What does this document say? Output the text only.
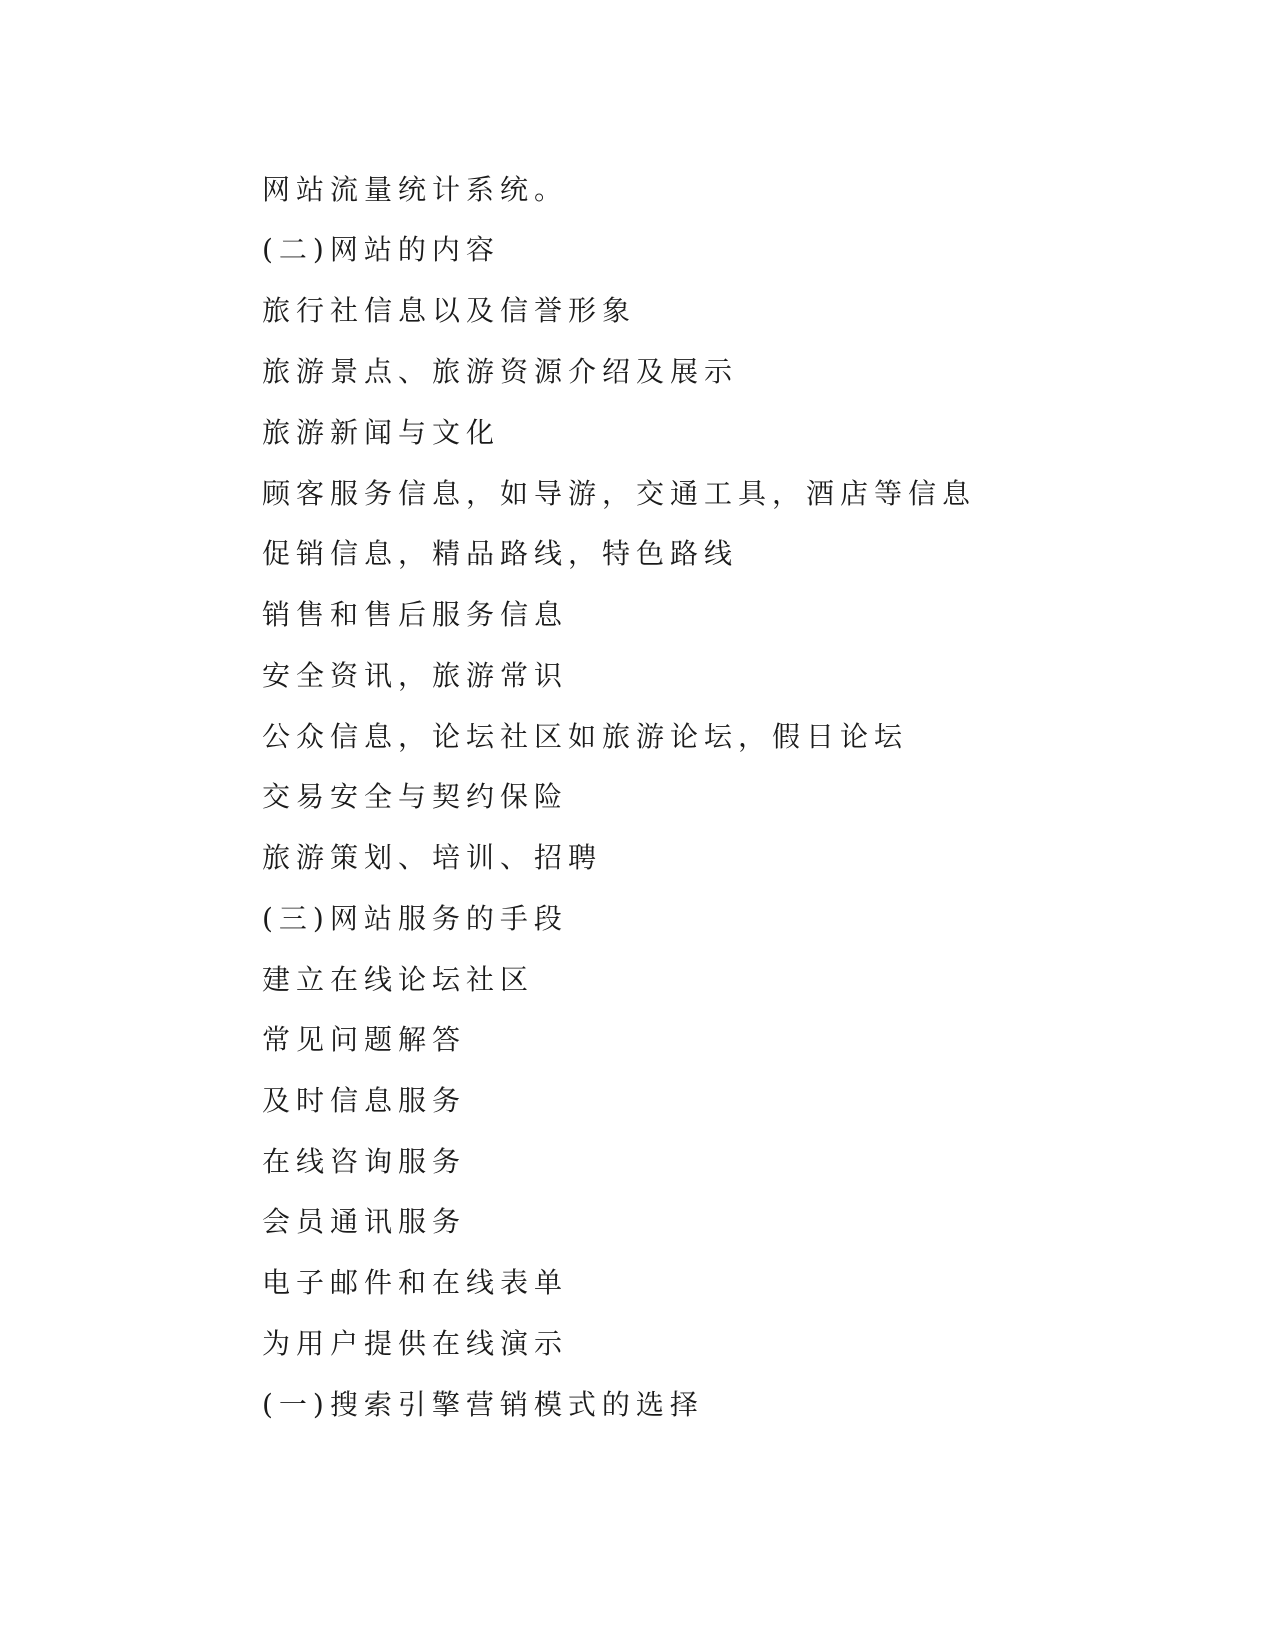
网站流量统计系统。
(二)网站的内容
旅行社信息以及信誉形象
旅游景点、旅游资源介绍及展示
旅游新闻与文化
顾客服务信息，如导游，交通工具，酒店等信息
促销信息，精品路线，特色路线
销售和售后服务信息
安全资讯，旅游常识
公众信息，论坛社区如旅游论坛，假日论坛
交易安全与契约保险
旅游策划、培训、招聘
(三)网站服务的手段
建立在线论坛社区
常见问题解答
及时信息服务
在线咨询服务
会员通讯服务
电子邮件和在线表单
为用户提供在线演示
(一)搜索引擎营销模式的选择
